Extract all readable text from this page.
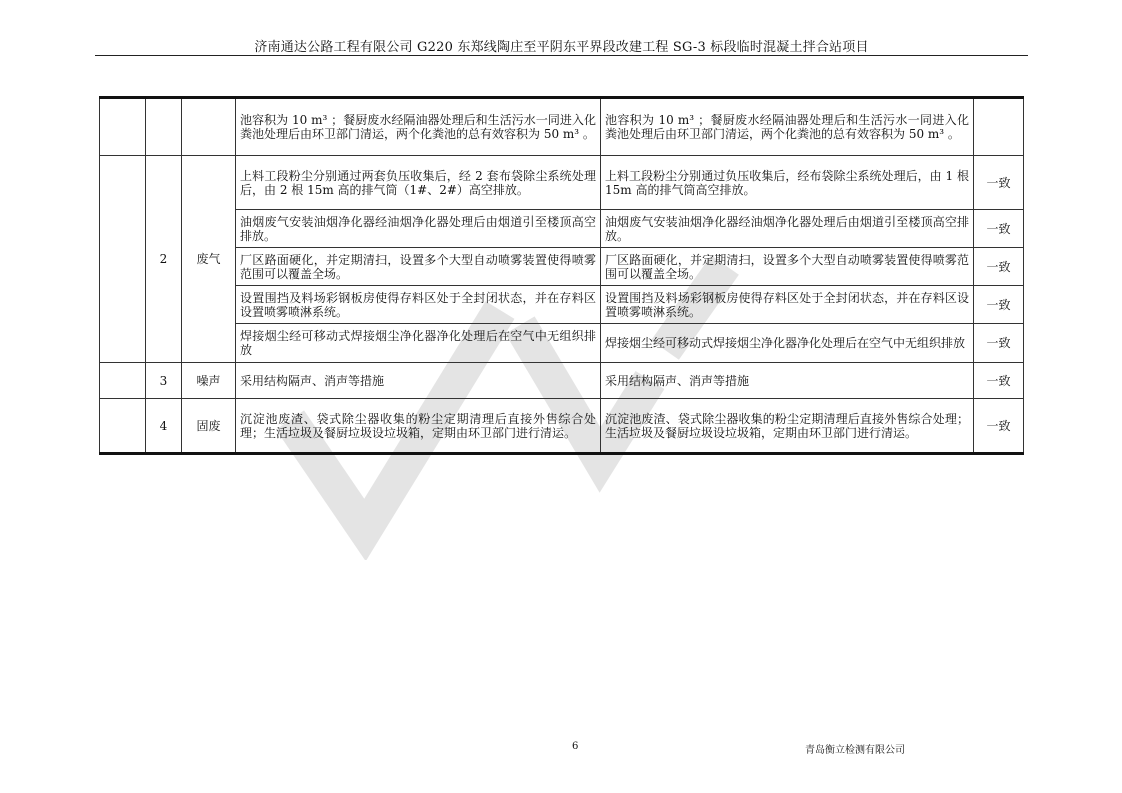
济南通达公路工程有限公司 G220 东郑线陶庄至平阴东平界段改建工程 SG-3 标段临时混凝土拌合站项目
			池容积为 10 m³ ；餐厨废水经隔油器处理后和生活污水一同进入化粪池处理后由环卫部门清运，两个化粪池的总有效容积为 50 m³ 。	池容积为 10 m³ ；餐厨废水经隔油器处理后和生活污水一同进入化粪池处理后由环卫部门清运，两个化粪池的总有效容积为 50 m³ 。	
	2	废气	上料工段粉尘分别通过两套负压收集后，经 2 套布袋除尘系统处理后，由 2 根 15m 高的排气筒（1#、2#）高空排放。	上料工段粉尘分别通过负压收集后，经布袋除尘系统处理后，由 1 根 15m 高的排气筒高空排放。	一致
			油烟废气安装油烟净化器经油烟净化器处理后由烟道引至楼顶高空排放。	油烟废气安装油烟净化器经油烟净化器处理后由烟道引至楼顶高空排放。	一致
			厂区路面硬化，并定期清扫，设置多个大型自动喷雾装置使得喷雾范围可以覆盖全场。	厂区路面硬化，并定期清扫，设置多个大型自动喷雾装置使得喷雾范围可以覆盖全场。	一致
			设置围挡及料场彩钢板房使得存料区处于全封闭状态，并在存料区设置喷雾喷淋系统。	设置围挡及料场彩钢板房使得存料区处于全封闭状态，并在存料区设置喷雾喷淋系统。	一致
			焊接烟尘经可移动式焊接烟尘净化器净化处理后在空气中无组织排放	焊接烟尘经可移动式焊接烟尘净化器净化处理后在空气中无组织排放	一致
	3	噪声	采用结构隔声、消声等措施	采用结构隔声、消声等措施	一致
	4	固废	沉淀池废渣、袋式除尘器收集的粉尘定期清理后直接外售综合处理；生活垃圾及餐厨垃圾设垃圾箱，定期由环卫部门进行清运。	沉淀池废渣、袋式除尘器收集的粉尘定期清理后直接外售综合处理；生活垃圾及餐厨垃圾设垃圾箱，定期由环卫部门进行清运。	一致
6	青岛衡立检测有限公司
